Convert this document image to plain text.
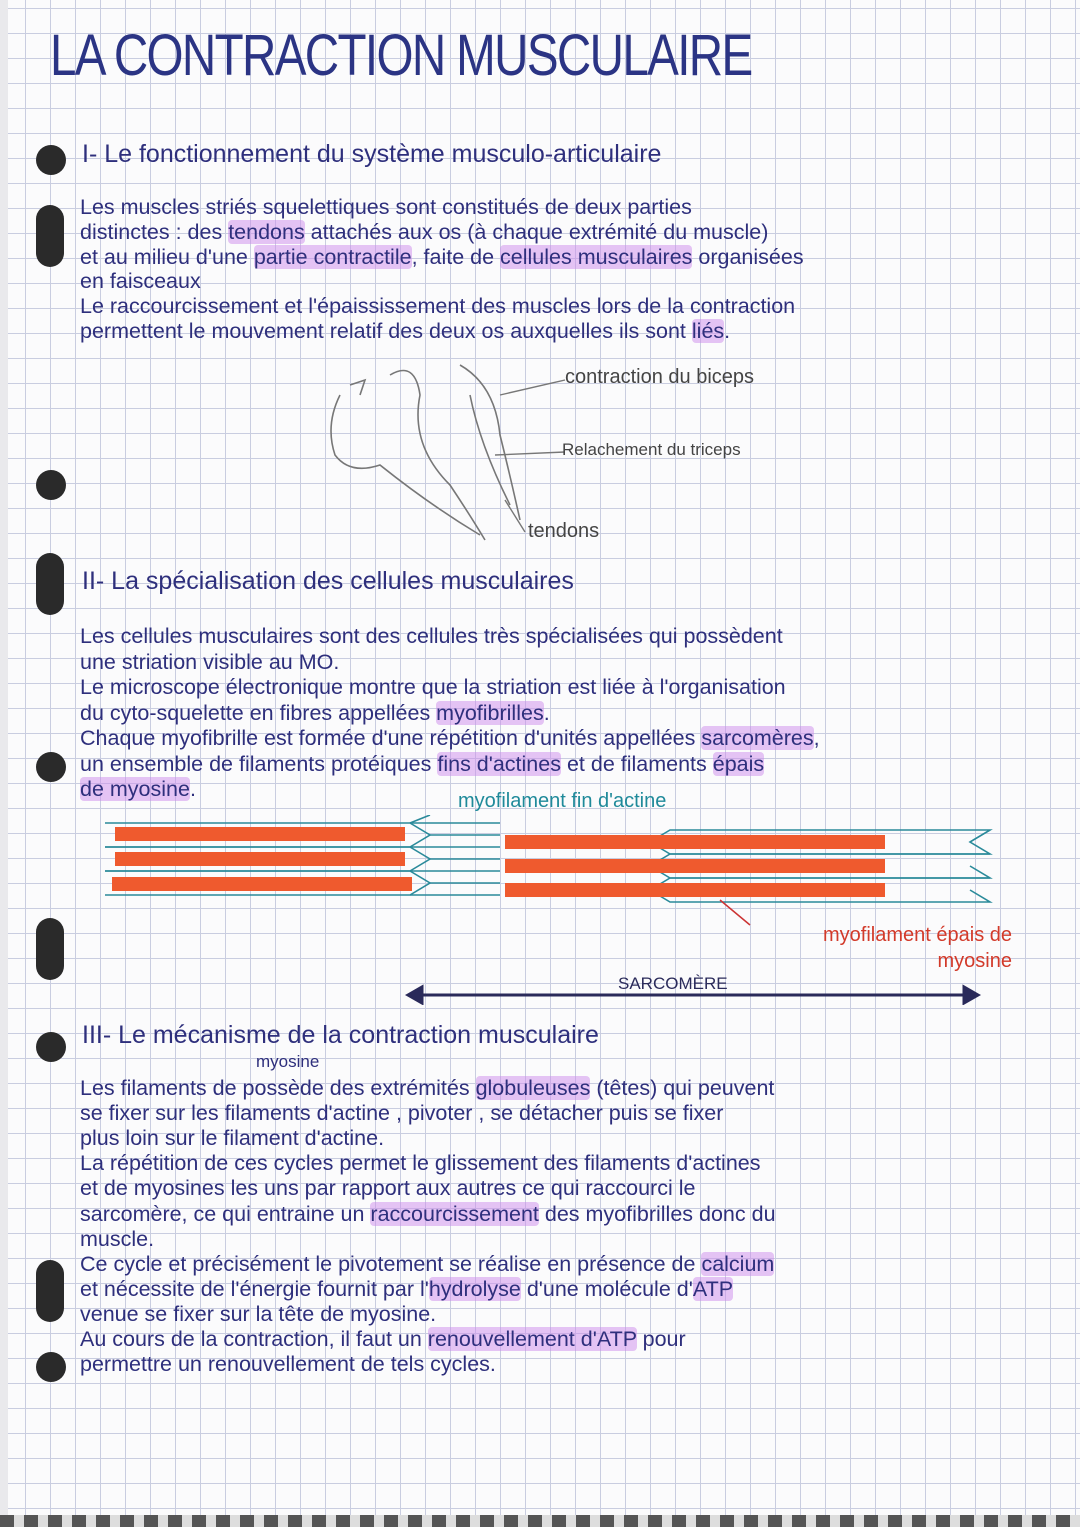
LA CONTRACTION MUSCULAIRE
I- Le fonctionnement du système musculo-articulaire
Les muscles striés squelettiques sont constitués de deux parties
distinctes : des tendons attachés aux os (à chaque extrémité du muscle)
et au milieu d'une partie contractile, faite de cellules musculaires organisées
en faisceaux
Le raccourcissement et l'épaississement des muscles lors de la contraction
permettent le mouvement relatif des deux os auxquelles ils sont liés.
contraction du biceps
Relachement du triceps
tendons
II- La spécialisation des cellules musculaires
Les cellules musculaires sont des cellules très spécialisées qui possèdent
une striation visible au MO.
Le microscope électronique montre que la striation est liée à l'organisation
du cyto-squelette en fibres appellées myofibrilles.
Chaque myofibrille est formée d'une répétition d'unités appellées sarcomères,
un ensemble de filaments protéiques fins d'actines et de filaments épais
de myosine.	myofilament fin d'actine
myofilament épais de myosine
SARCOMÈRE
III- Le mécanisme de la contraction musculaire
myosine
Les filaments de possède des extrémités globuleuses (têtes) qui peuvent
se fixer sur les filaments d'actine , pivoter , se détacher puis se fixer
plus loin sur le filament d'actine.
La répétition de ces cycles permet le glissement des filaments d'actines
et de myosines les uns par rapport aux autres ce qui raccourci le
sarcomère, ce qui entraine un raccourcissement des myofibrilles donc du
muscle.
Ce cycle et précisément le pivotement se réalise en présence de calcium
et nécessite de l'énergie fournit par l'hydrolyse d'une molécule d'ATP
venue se fixer sur la tête de myosine.
Au cours de la contraction, il faut un renouvellement d'ATP pour
permettre un renouvellement de tels cycles.
